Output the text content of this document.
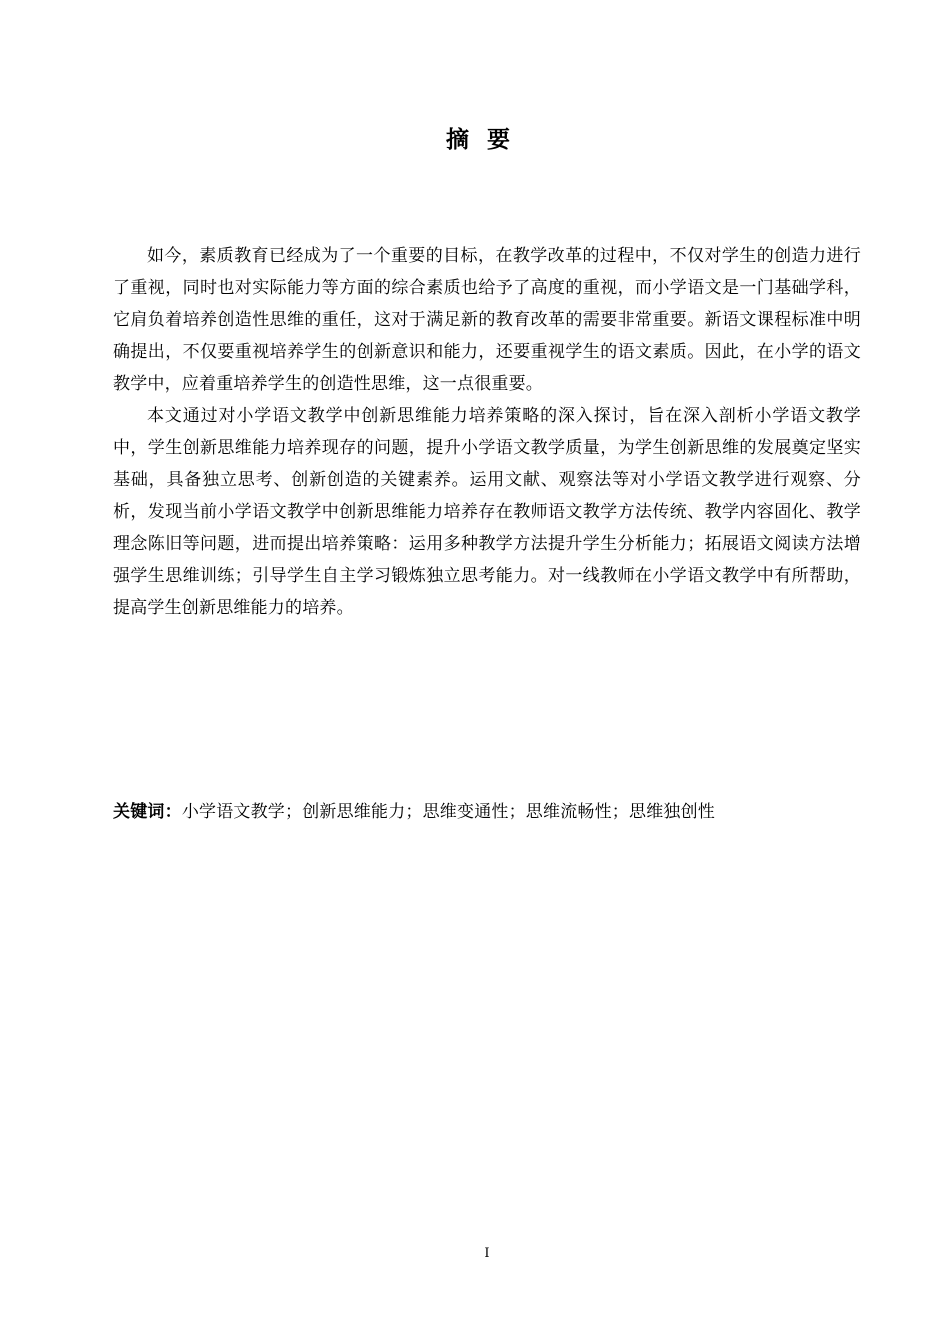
摘要

如今，素质教育已经成为了一个重要的目标，在教学改革的过程中，不仅对学生的创造力进行了重视，同时也对实际能力等方面的综合素质也给予了高度的重视，而小学语文是一门基础学科，它肩负着培养创造性思维的重任，这对于满足新的教育改革的需要非常重要。新语文课程标准中明确提出，不仅要重视培养学生的创新意识和能力，还要重视学生的语文素质。因此，在小学的语文教学中，应着重培养学生的创造性思维，这一点很重要。

本文通过对小学语文教学中创新思维能力培养策略的深入探讨，旨在深入剖析小学语文教学中，学生创新思维能力培养现存的问题，提升小学语文教学质量，为学生创新思维的发展奠定坚实基础，具备独立思考、创新创造的关键素养。运用文献、观察法等对小学语文教学进行观察、分析，发现当前小学语文教学中创新思维能力培养存在教师语文教学方法传统、教学内容固化、教学理念陈旧等问题，进而提出培养策略：运用多种教学方法提升学生分析能力；拓展语文阅读方法增强学生思维训练；引导学生自主学习锻炼独立思考能力。对一线教师在小学语文教学中有所帮助，提高学生创新思维能力的培养。

关键词：小学语文教学；创新思维能力；思维变通性；思维流畅性；思维独创性

I
